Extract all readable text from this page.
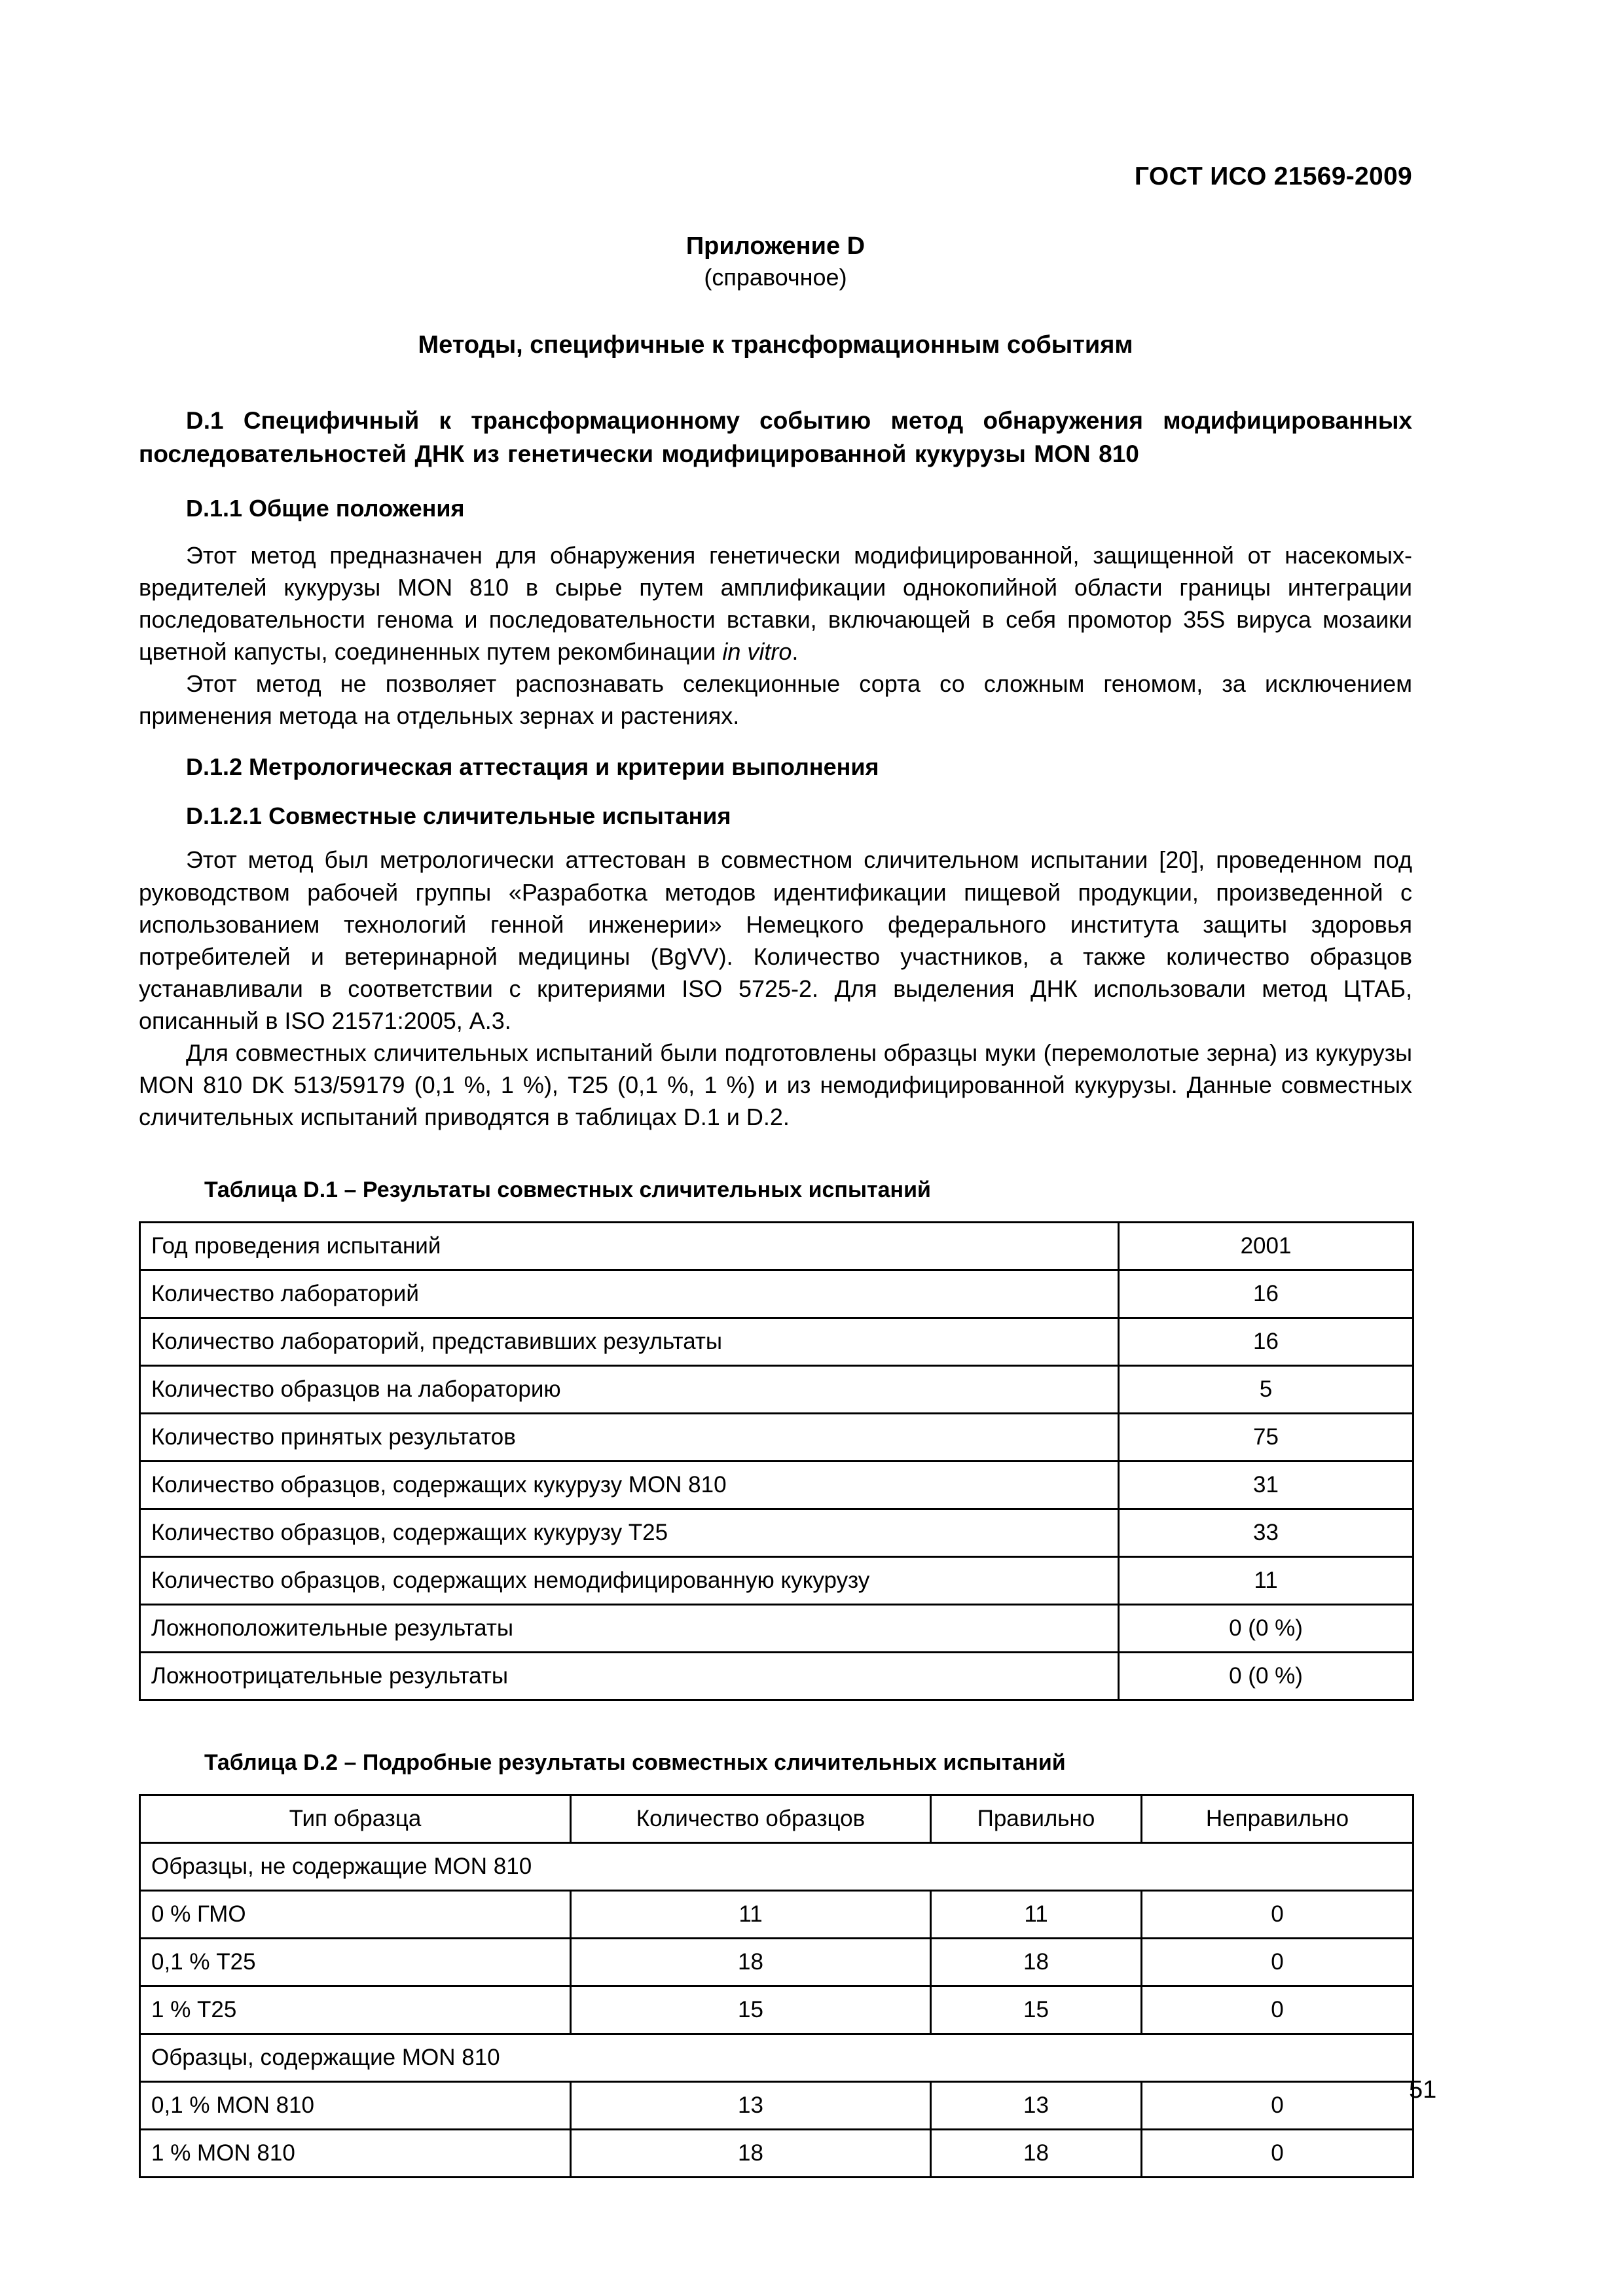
ГОСТ ИСО 21569-2009
Приложение D
(справочное)
Методы, специфичные к трансформационным событиям
D.1 Специфичный к трансформационному событию метод обнаружения модифицированных последовательностей ДНК из генетически модифицированной кукурузы MON 810
D.1.1 Общие положения

Этот метод предназначен для обнаружения генетически модифицированной, защищенной от насекомых-вредителей кукурузы MON 810 в сырье путем амплификации однокопийной области границы интеграции последовательности генома и последовательности вставки, включающей в себя промотор 35S вируса мозаики цветной капусты, соединенных путем рекомбинации in vitro.

Этот метод не позволяет распознавать селекционные сорта со сложным геномом, за исключением применения метода на отдельных зернах и растениях.

D.1.2 Метрологическая аттестация и критерии выполнения
D.1.2.1 Совместные сличительные испытания

Этот метод был метрологически аттестован в совместном сличительном испытании [20], проведенном под руководством рабочей группы «Разработка методов идентификации пищевой продукции, произведенной с использованием технологий генной инженерии» Немецкого федерального института защиты здоровья потребителей и ветеринарной медицины (BgVV). Количество участников, а также количество образцов устанавливали в соответствии с критериями ISO 5725-2. Для выделения ДНК использовали метод ЦТАБ, описанный в ISO 21571:2005, А.3.

Для совместных сличительных испытаний были подготовлены образцы муки (перемолотые зерна) из кукурузы MON 810 DK 513/59179 (0,1 %, 1 %), Т25 (0,1 %, 1 %) и из немодифицированной кукурузы. Данные совместных сличительных испытаний приводятся в таблицах D.1 и D.2.

Таблица D.1 – Результаты совместных сличительных испытаний
Год проведения испытаний	2001
Количество лабораторий	16
Количество лабораторий, представивших результаты	16
Количество образцов на лабораторию	5
Количество принятых результатов	75
Количество образцов, содержащих кукурузу MON 810	31
Количество образцов, содержащих кукурузу Т25	33
Количество образцов, содержащих немодифицированную кукурузу	11
Ложноположительные результаты	0 (0 %)
Ложноотрицательные результаты	0 (0 %)
Таблица D.2 – Подробные результаты совместных сличительных испытаний
Тип образца	Количество образцов	Правильно	Неправильно
Образцы, не содержащие MON 810			
0 % ГМО	11	11	0
0,1 % Т25	18	18	0
1 % Т25	15	15	0
Образцы, содержащие MON 810			
0,1 % MON 810	13	13	0
1 % MON 810	18	18	0
51
